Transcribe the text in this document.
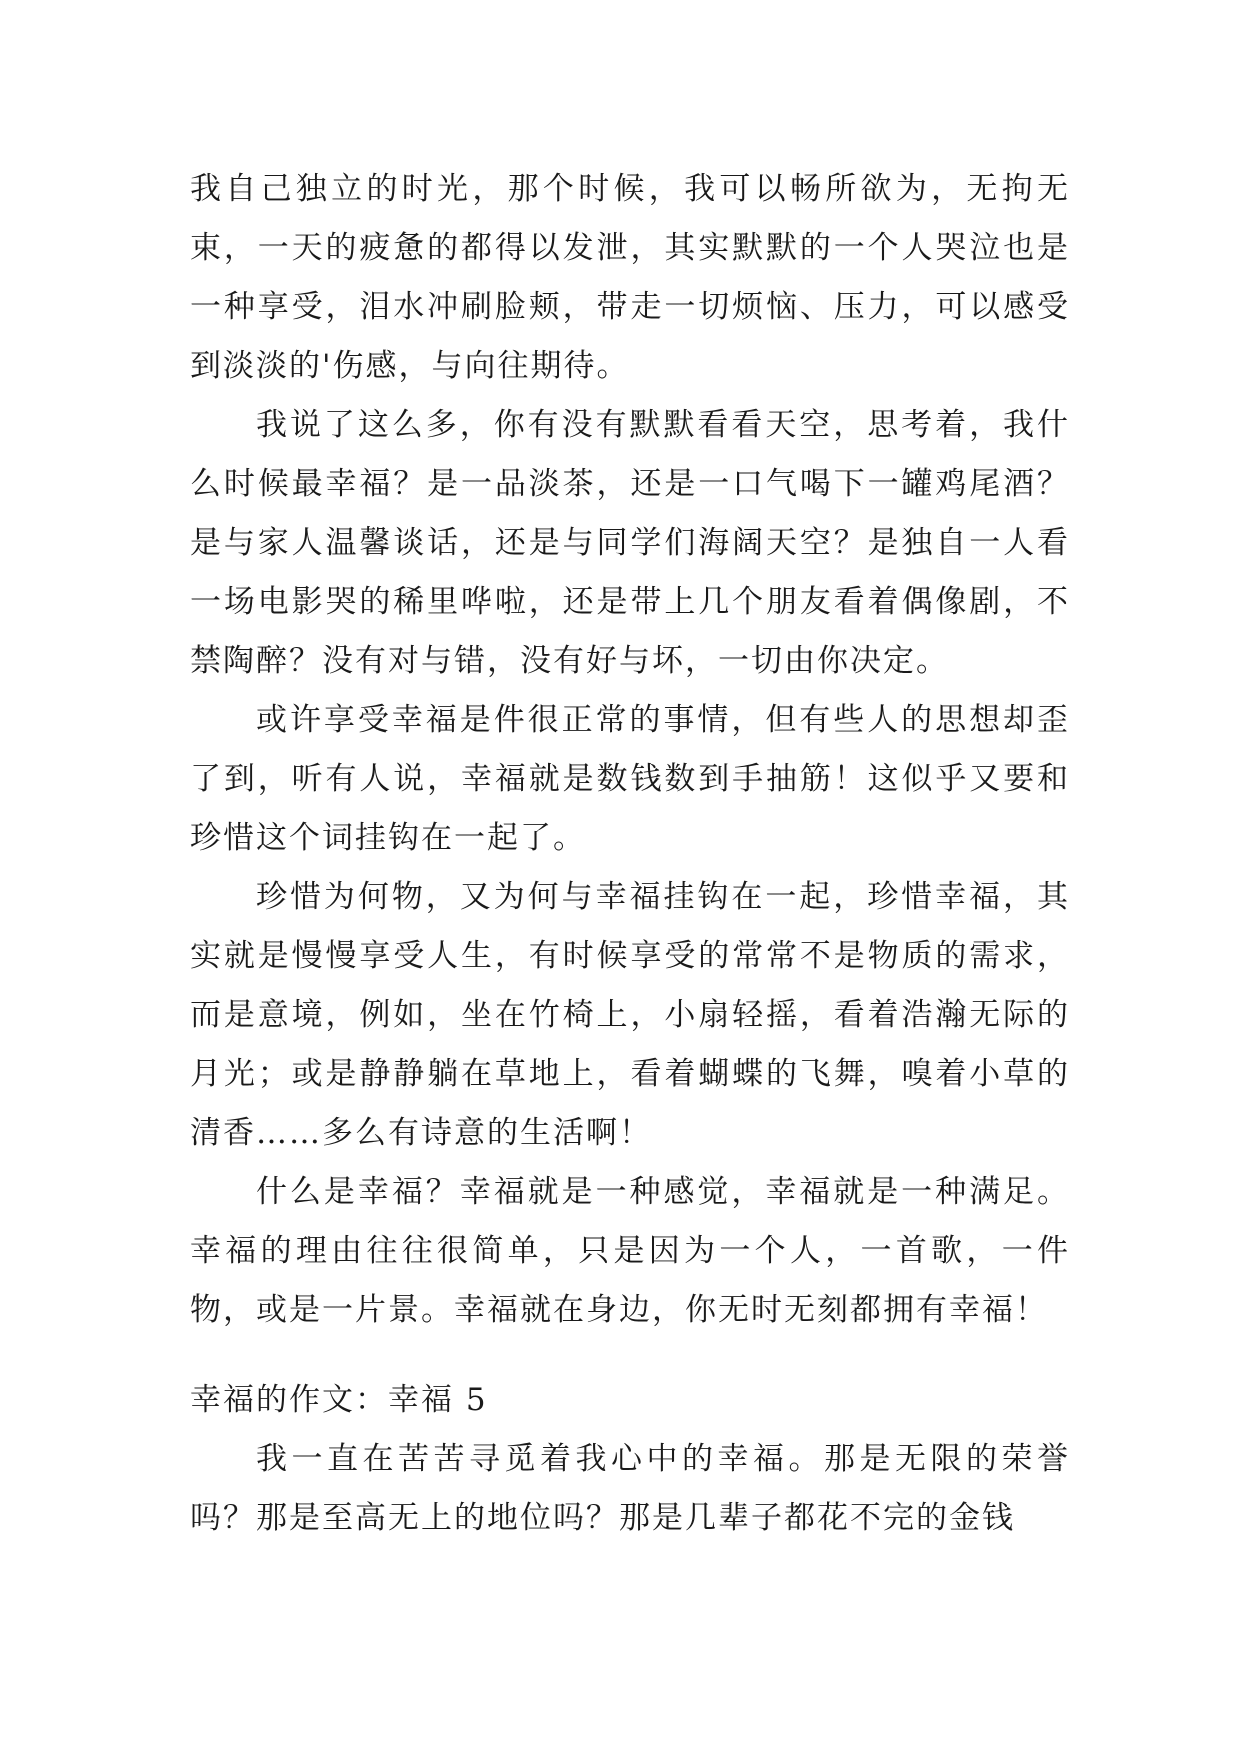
我自己独立的时光，那个时候，我可以畅所欲为，无拘无束，一天的疲惫的都得以发泄，其实默默的一个人哭泣也是一种享受，泪水冲刷脸颊，带走一切烦恼、压力，可以感受到淡淡的'伤感，与向往期待。

我说了这么多，你有没有默默看看天空，思考着，我什么时候最幸福？是一品淡茶，还是一口气喝下一罐鸡尾酒？是与家人温馨谈话，还是与同学们海阔天空？是独自一人看一场电影哭的稀里哗啦，还是带上几个朋友看着偶像剧，不禁陶醉？没有对与错，没有好与坏，一切由你决定。

或许享受幸福是件很正常的事情，但有些人的思想却歪了到，听有人说，幸福就是数钱数到手抽筋！这似乎又要和珍惜这个词挂钩在一起了。

珍惜为何物，又为何与幸福挂钩在一起，珍惜幸福，其实就是慢慢享受人生，有时候享受的常常不是物质的需求，而是意境，例如，坐在竹椅上，小扇轻摇，看着浩瀚无际的月光；或是静静躺在草地上，看着蝴蝶的飞舞，嗅着小草的清香……多么有诗意的生活啊！

什么是幸福？幸福就是一种感觉，幸福就是一种满足。幸福的理由往往很简单，只是因为一个人，一首歌，一件物，或是一片景。幸福就在身边，你无时无刻都拥有幸福！

幸福的作文：幸福 5

我一直在苦苦寻觅着我心中的幸福。那是无限的荣誉吗？那是至高无上的地位吗？那是几辈子都花不完的金钱
